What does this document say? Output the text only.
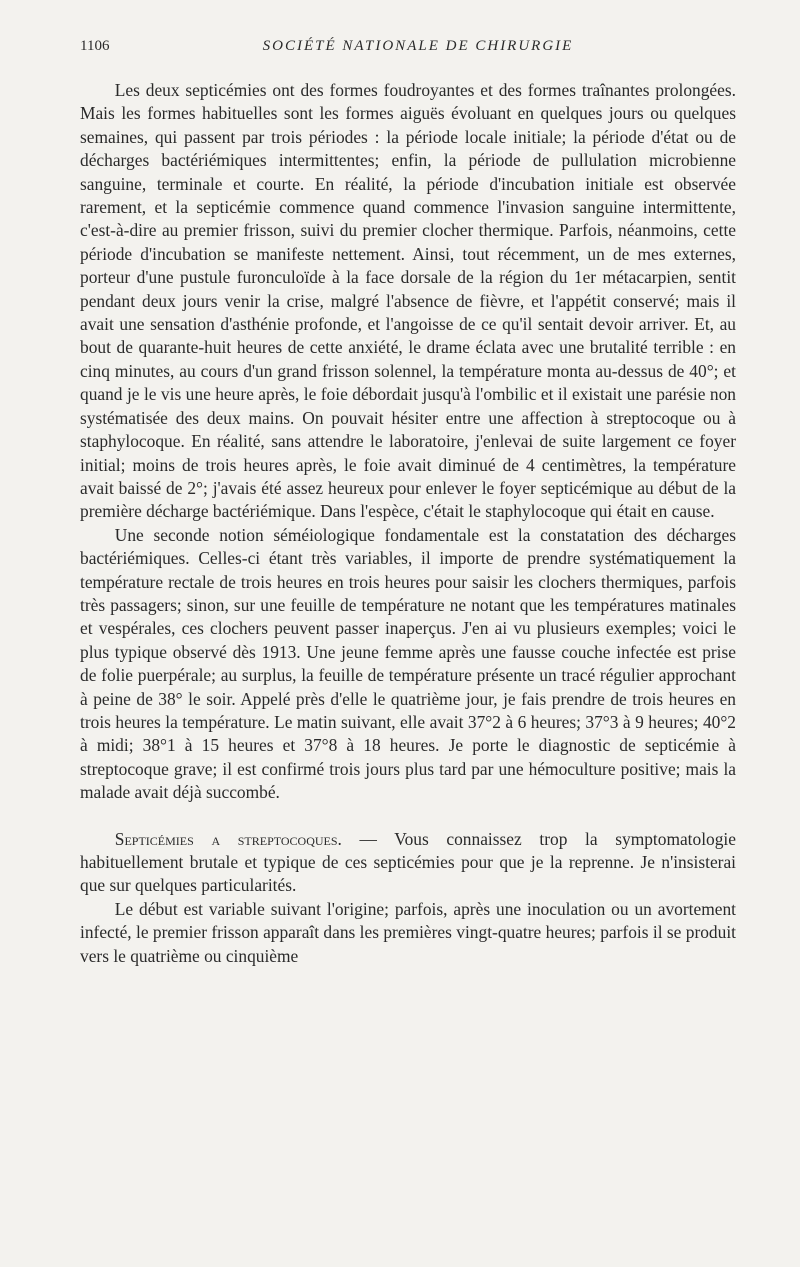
1106	SOCIÉTÉ NATIONALE DE CHIRURGIE

Les deux septicémies ont des formes foudroyantes et des formes traînantes prolongées. Mais les formes habituelles sont les formes aiguës évoluant en quelques jours ou quelques semaines, qui passent par trois périodes : la période locale initiale; la période d'état ou de décharges bactériémiques intermittentes; enfin, la période de pullulation microbienne sanguine, terminale et courte. En réalité, la période d'incubation initiale est observée rarement, et la septicémie commence quand commence l'invasion sanguine intermittente, c'est-à-dire au premier frisson, suivi du premier clocher thermique. Parfois, néanmoins, cette période d'incubation se manifeste nettement. Ainsi, tout récemment, un de mes externes, porteur d'une pustule furonculoïde à la face dorsale de la région du 1er métacarpien, sentit pendant deux jours venir la crise, malgré l'absence de fièvre, et l'appétit conservé; mais il avait une sensation d'asthénie profonde, et l'angoisse de ce qu'il sentait devoir arriver. Et, au bout de quarante-huit heures de cette anxiété, le drame éclata avec une brutalité terrible : en cinq minutes, au cours d'un grand frisson solennel, la température monta au-dessus de 40°; et quand je le vis une heure après, le foie débordait jusqu'à l'ombilic et il existait une parésie non systématisée des deux mains. On pouvait hésiter entre une affection à streptocoque ou à staphylocoque. En réalité, sans attendre le laboratoire, j'enlevai de suite largement ce foyer initial; moins de trois heures après, le foie avait diminué de 4 centimètres, la température avait baissé de 2°; j'avais été assez heureux pour enlever le foyer septicémique au début de la première décharge bactériémique. Dans l'espèce, c'était le staphylocoque qui était en cause.

Une seconde notion séméiologique fondamentale est la constatation des décharges bactériémiques. Celles-ci étant très variables, il importe de prendre systématiquement la température rectale de trois heures en trois heures pour saisir les clochers thermiques, parfois très passagers; sinon, sur une feuille de température ne notant que les températures matinales et vespérales, ces clochers peuvent passer inaperçus. J'en ai vu plusieurs exemples; voici le plus typique observé dès 1913. Une jeune femme après une fausse couche infectée est prise de folie puerpérale; au surplus, la feuille de température présente un tracé régulier approchant à peine de 38° le soir. Appelé près d'elle le quatrième jour, je fais prendre de trois heures en trois heures la température. Le matin suivant, elle avait 37°2 à 6 heures; 37°3 à 9 heures; 40°2 à midi; 38°1 à 15 heures et 37°8 à 18 heures. Je porte le diagnostic de septicémie à streptocoque grave; il est confirmé trois jours plus tard par une hémoculture positive; mais la malade avait déjà succombé.

Septicémies a streptocoques. — Vous connaissez trop la symptomatologie habituellement brutale et typique de ces septicémies pour que je la reprenne. Je n'insisterai que sur quelques particularités.

Le début est variable suivant l'origine; parfois, après une inoculation ou un avortement infecté, le premier frisson apparaît dans les premières vingt-quatre heures; parfois il se produit vers le quatrième ou cinquième
